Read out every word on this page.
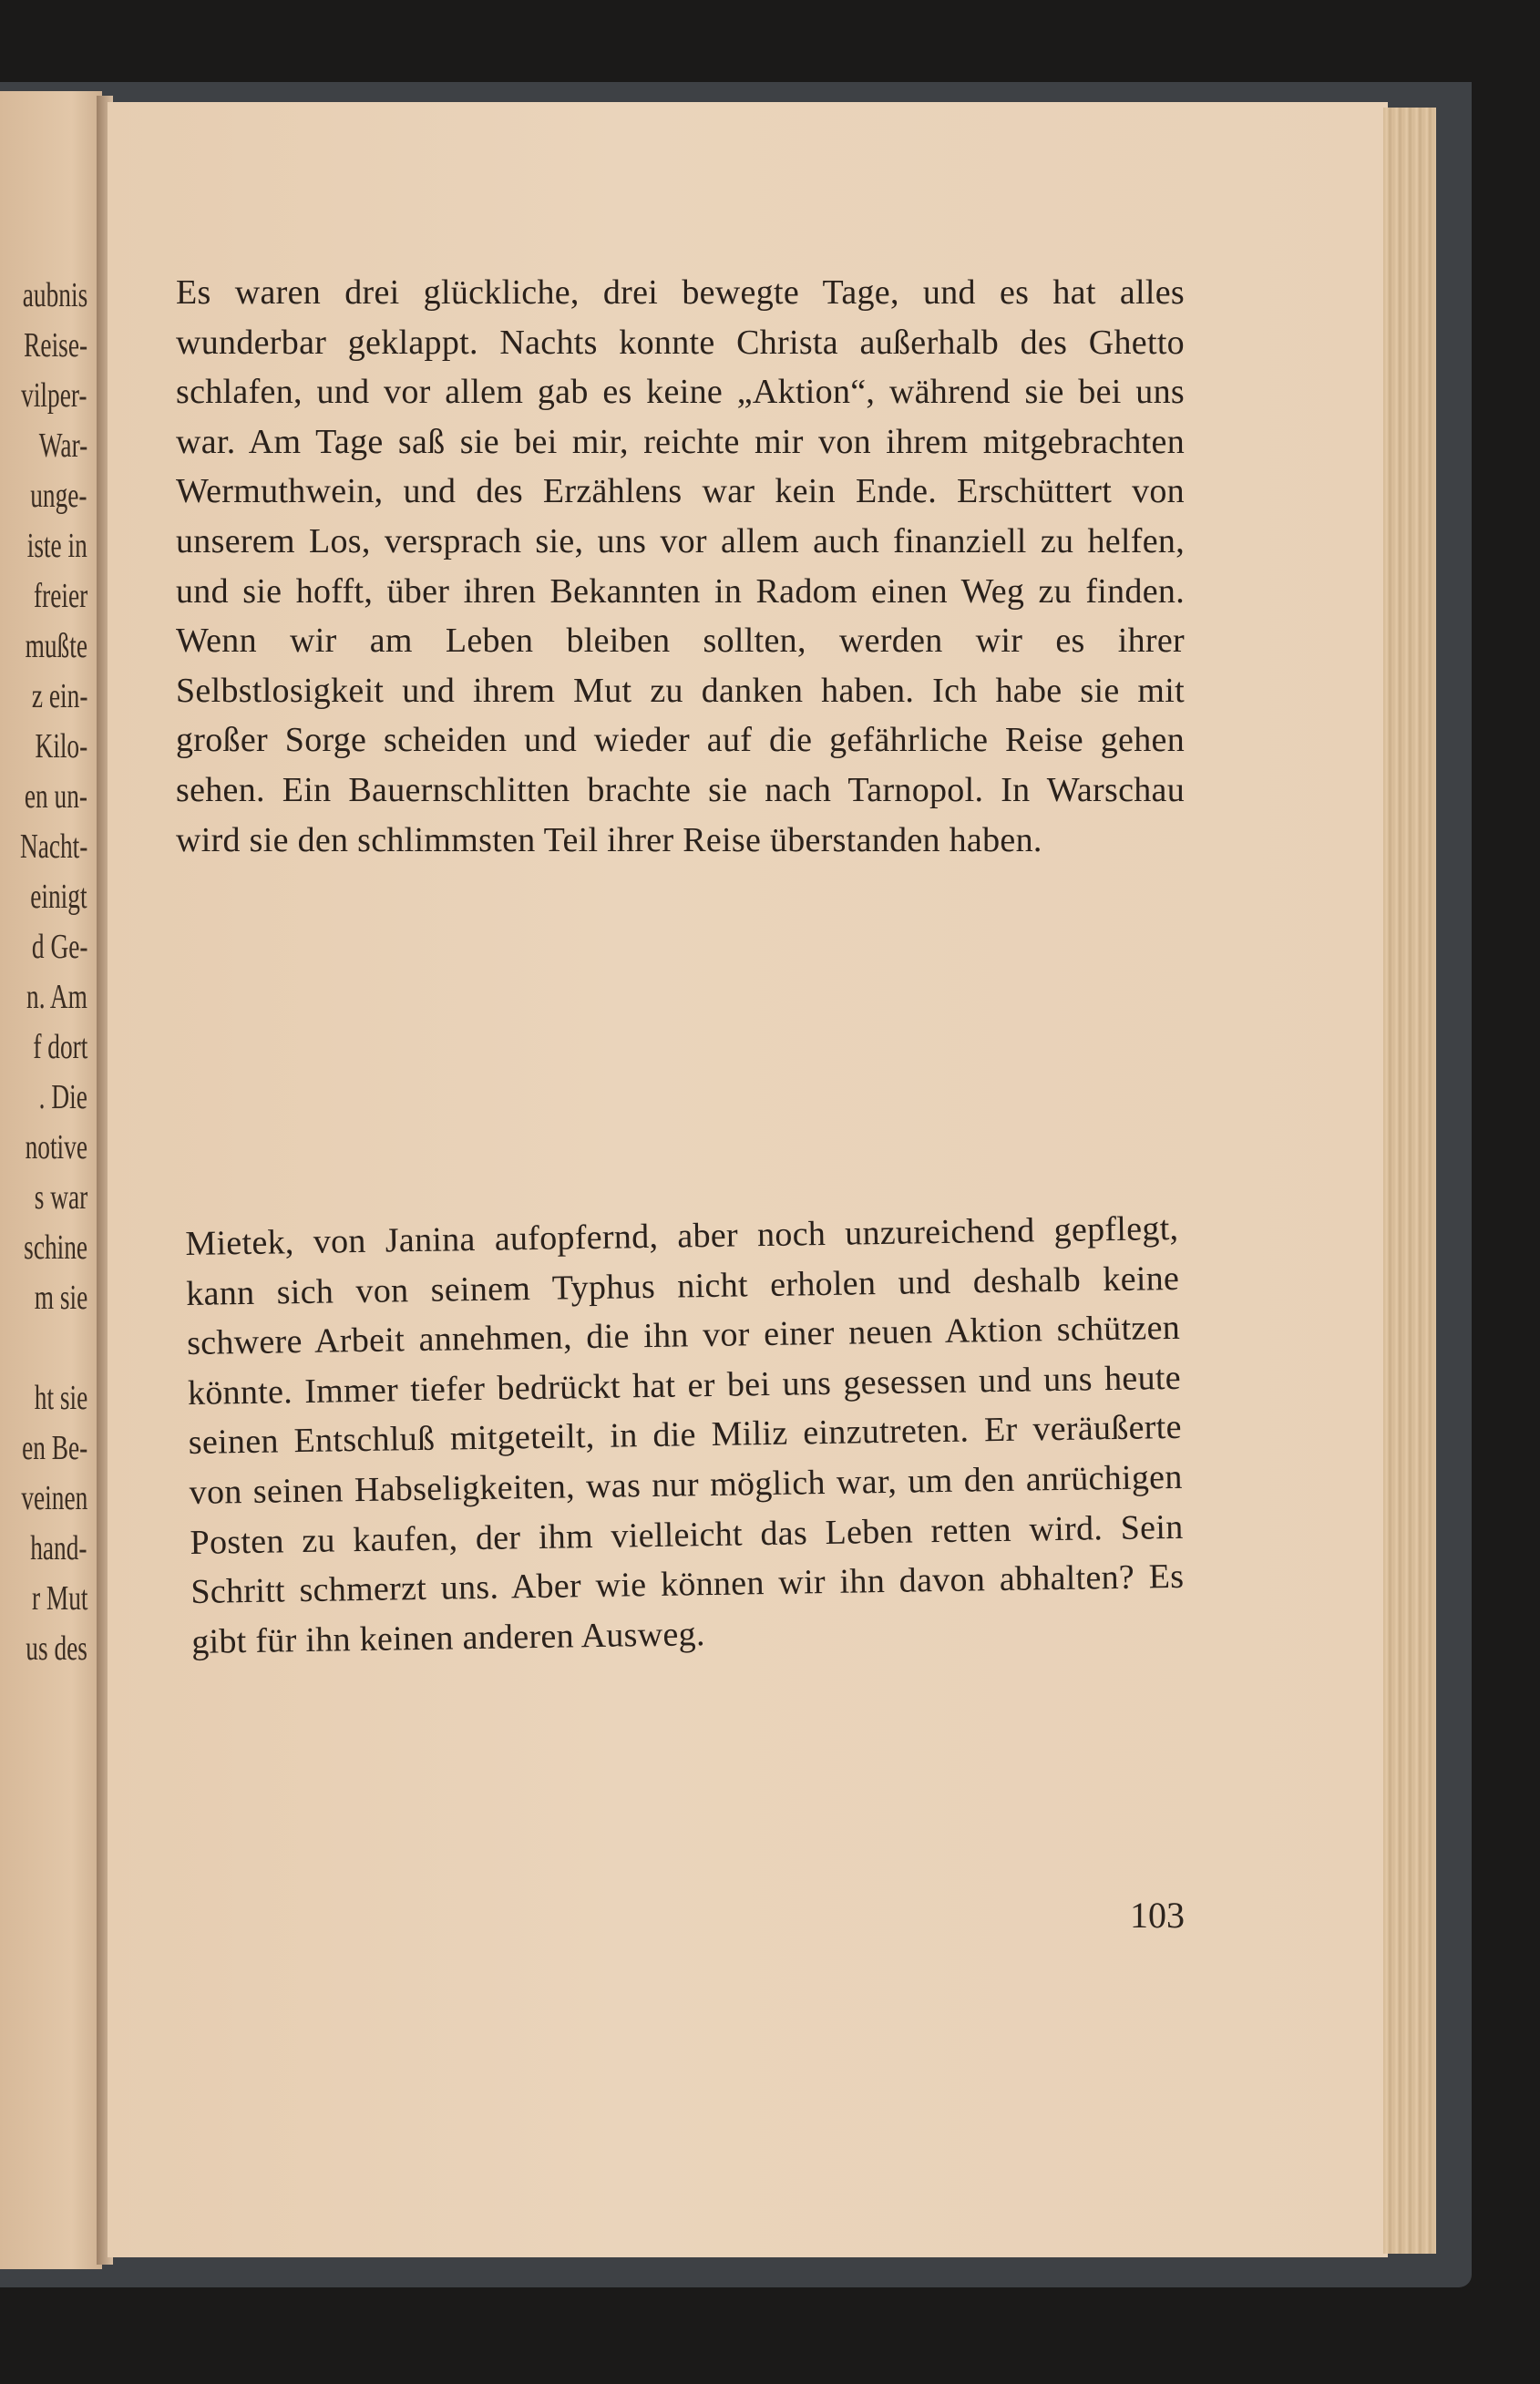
aubnis
Reise-
vilper-
War-
unge-
iste in
freier
mußte
z ein-
Kilo-
en un-
Nacht-
einigt
d Ge-
n. Am
f dort
. Die
notive
s war
schine
m sie
ht sie
en Be-
veinen
hand-
r Mut
us des
Es waren drei glückliche, drei bewegte Tage, und es hat alles wunderbar geklappt. Nachts konnte Christa außerhalb des Ghetto schlafen, und vor allem gab es keine „Aktion“, während sie bei uns war. Am Tage saß sie bei mir, reichte mir von ihrem mitgebrachten Wermuthwein, und des Erzählens war kein Ende. Erschüttert von unserem Los, versprach sie, uns vor allem auch finanziell zu helfen, und sie hofft, über ihren Bekannten in Radom einen Weg zu finden. Wenn wir am Leben bleiben sollten, werden wir es ihrer Selbstlosigkeit und ihrem Mut zu danken haben. Ich habe sie mit großer Sorge scheiden und wieder auf die gefährliche Reise gehen sehen. Ein Bauernschlitten brachte sie nach Tarnopol. In Warschau wird sie den schlimmsten Teil ihrer Reise überstanden haben.
Mietek, von Janina aufopfernd, aber noch unzureichend gepflegt, kann sich von seinem Typhus nicht erholen und deshalb keine schwere Arbeit annehmen, die ihn vor einer neuen Aktion schützen könnte. Immer tiefer bedrückt hat er bei uns gesessen und uns heute seinen Entschluß mitgeteilt, in die Miliz einzutreten. Er veräußerte von seinen Habseligkeiten, was nur möglich war, um den anrüchigen Posten zu kaufen, der ihm vielleicht das Leben retten wird. Sein Schritt schmerzt uns. Aber wie können wir ihn davon abhalten? Es gibt für ihn keinen anderen Ausweg.
103
